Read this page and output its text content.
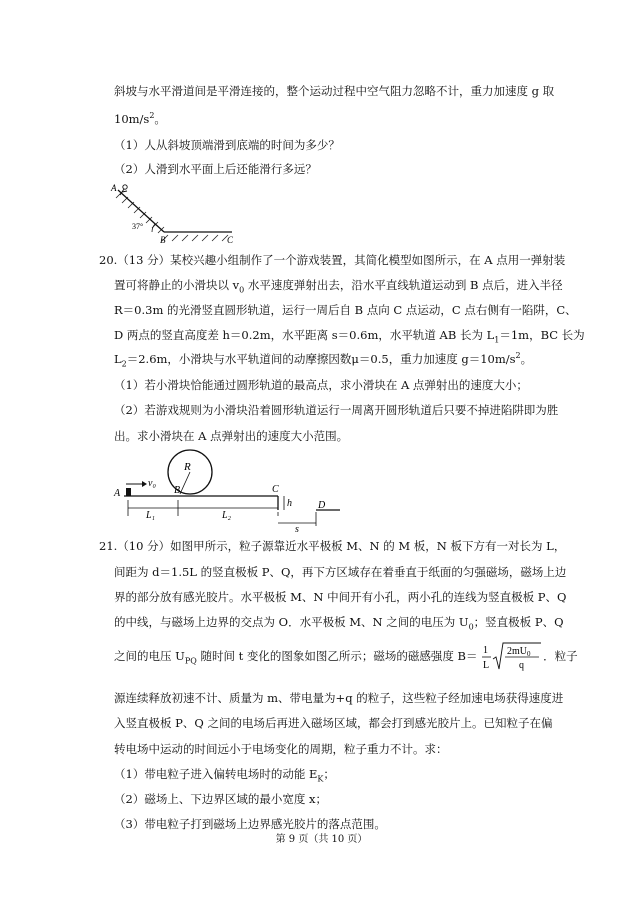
斜坡与水平滑道间是平滑连接的，整个运动过程中空气阻力忽略不计，重力加速度 g 取
$10m/s^2$。
（1）人从斜坡顶端滑到底端的时间为多少？
（2）人滑到水平面上后还能滑行多远？
A
37°
B	C
20.（13 分）某校兴趣小组制作了一个游戏装置，其简化模型如图所示，在 A 点用一弹射装
置可将静止的小滑块以 $v_0$ 水平速度弹射出去，沿水平直线轨道运动到 B 点后，进入半径
R＝0.3m 的光滑竖直圆形轨道，运行一周后自 B 点向 C 点运动，C 点右侧有一陷阱，C、
D 两点的竖直高度差 h＝0.2m，水平距离 s＝0.6m，水平轨道 AB 长为 $L_1=1m$，BC 长为
$L_2=2.6m$，小滑块与水平轨道间的动摩擦因数μ＝0.5，重力加速度 $g=10m/s^2$。
（1）若小滑块恰能通过圆形轨道的最高点，求小滑块在 A 点弹射出的速度大小；
（2）若游戏规则为小滑块沿着圆形轨道运行一周离开圆形轨道后只要不掉进陷阱即为胜
出。求小滑块在 A 点弹射出的速度大小范围。
A
v₀
R
B	C
h	D
L₁	L₂
s
21.（10 分）如图甲所示，粒子源靠近水平极板 M、N 的 M 板，N 板下方有一对长为 L，
间距为 d＝1.5L 的竖直极板 P、Q，再下方区域存在着垂直于纸面的匀强磁场，磁场上边
界的部分放有感光胶片。水平极板 M、N 中间开有小孔，两小孔的连线为竖直极板 P、Q
的中线，与磁场上边界的交点为 O．水平极板 M、N 之间的电压为 $U_0$；竖直极板 P、Q
之间的电压 $U_{PQ}$ 随时间 t 变化的图象如图乙所示；磁场的磁感强度 B＝ 1
L
$2mU_0$
q
．粒子
源连续释放初速不计、质量为 m、带电量为+q 的粒子，这些粒子经加速电场获得速度进
入竖直极板 P、Q 之间的电场后再进入磁场区域，都会打到感光胶片上。已知粒子在偏
转电场中运动的时间远小于电场变化的周期，粒子重力不计。求：
（1）带电粒子进入偏转电场时的动能 $E_K$；
（2）磁场上、下边界区域的最小宽度 x；
（3）带电粒子打到磁场上边界感光胶片的落点范围。
第 9 页（共 10 页）
